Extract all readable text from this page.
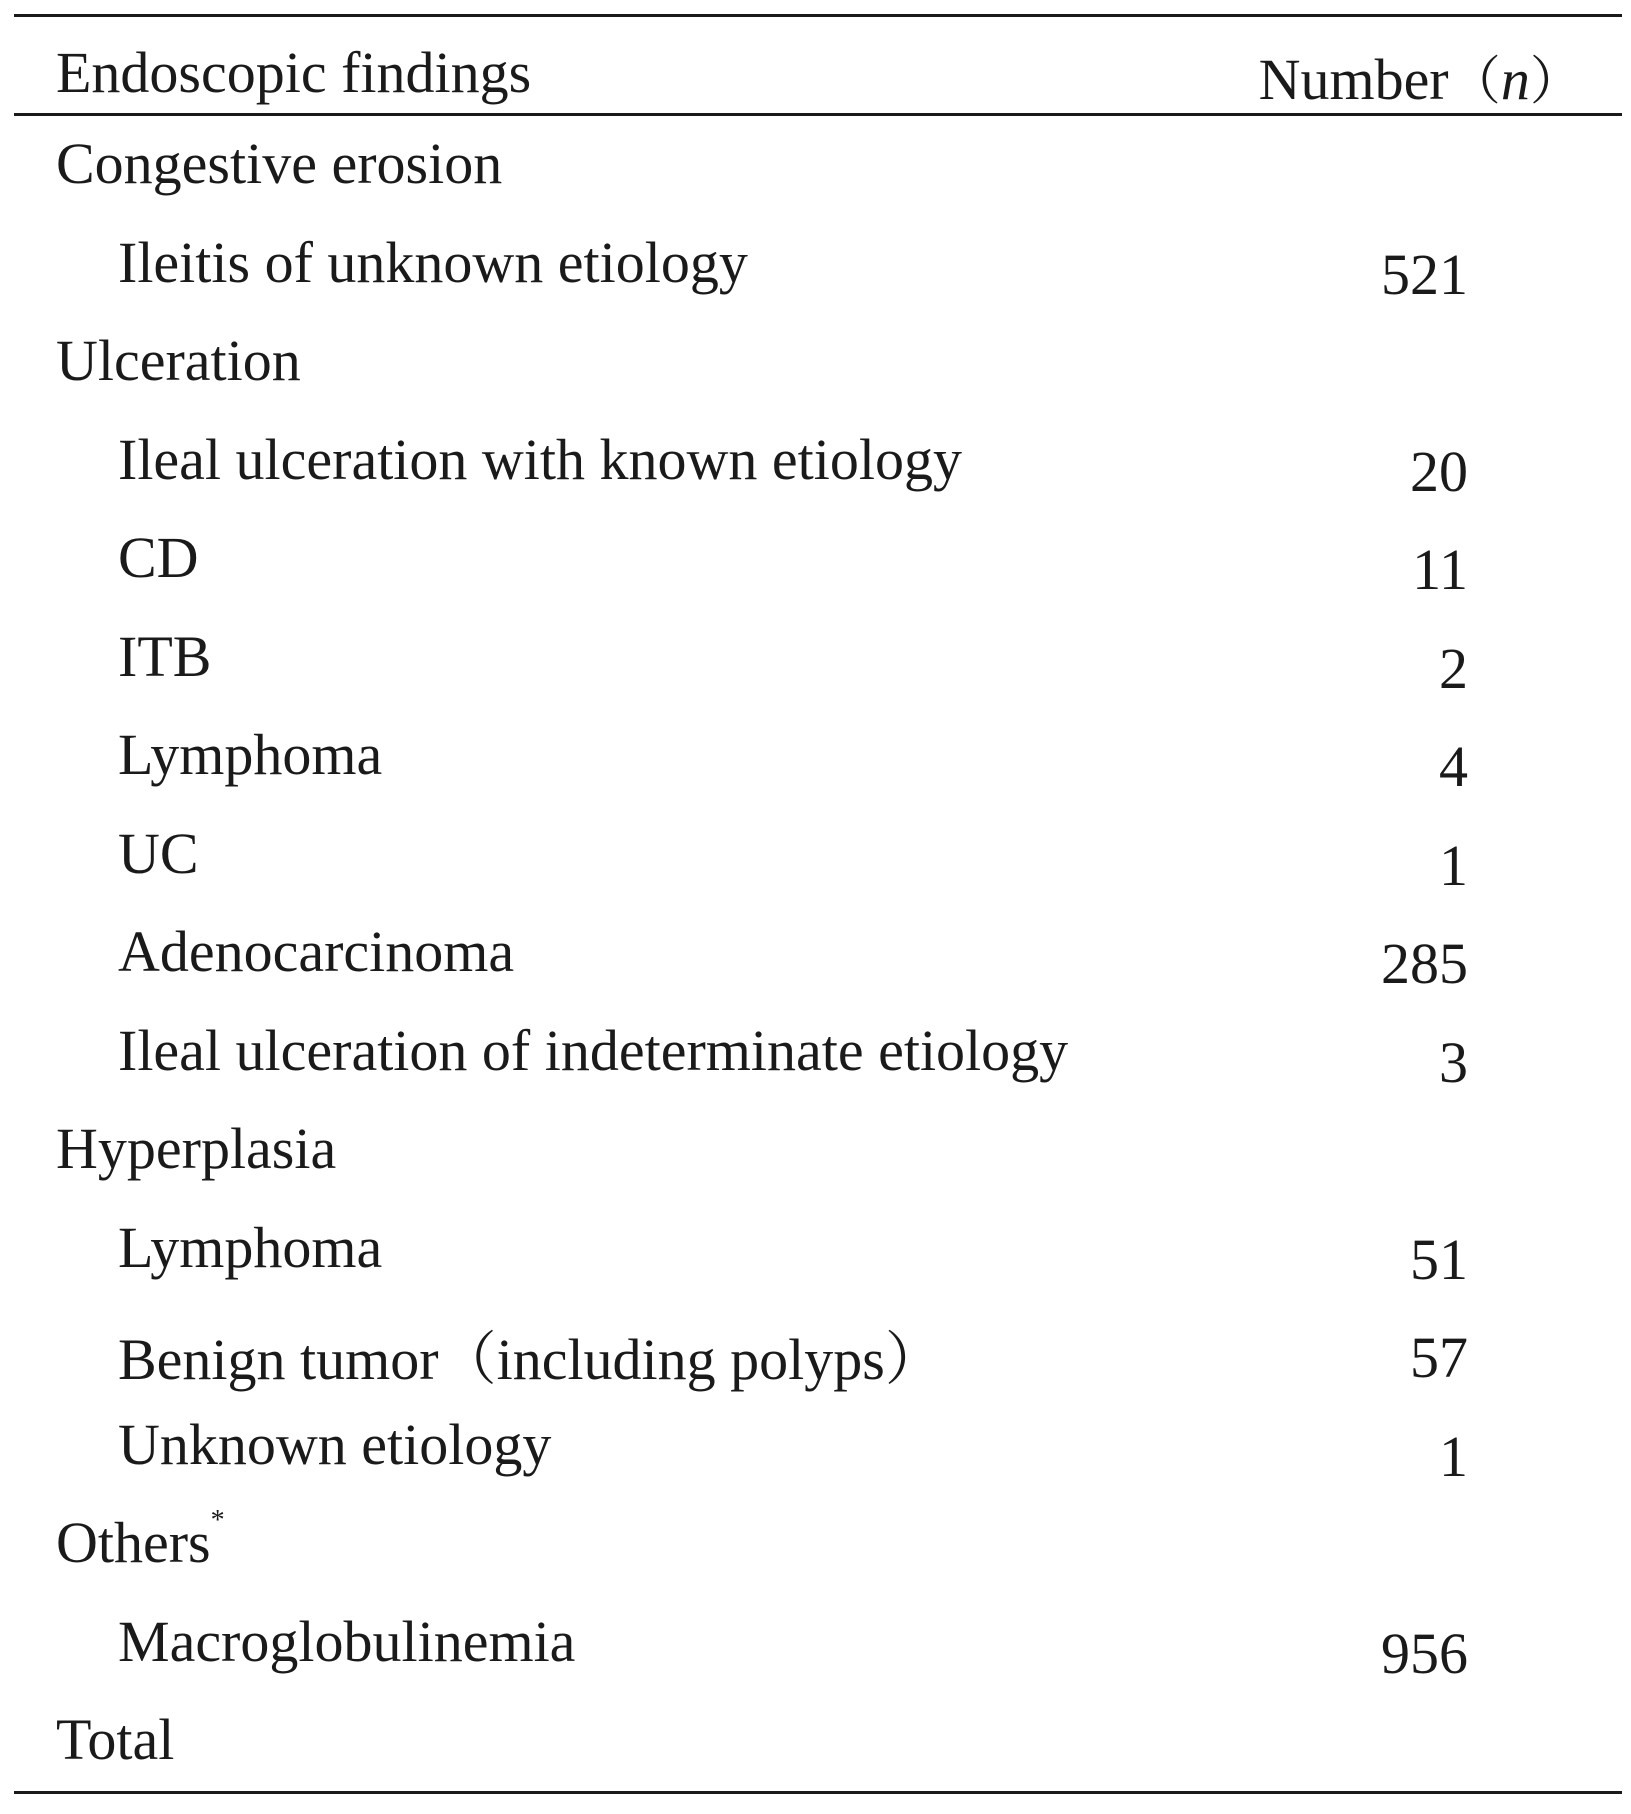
Endoscopic findings	Number（n）
Congestive erosion
Ileitis of unknown etiology	521
Ulceration
Ileal ulceration with known etiology	20
CD	11
ITB	2
Lymphoma	4
UC	1
Adenocarcinoma	285
Ileal ulceration of indeterminate etiology	3
Hyperplasia
Lymphoma	51
Benign tumor（including polyps）	57
Unknown etiology	1
Others*
Macroglobulinemia	956
Total
